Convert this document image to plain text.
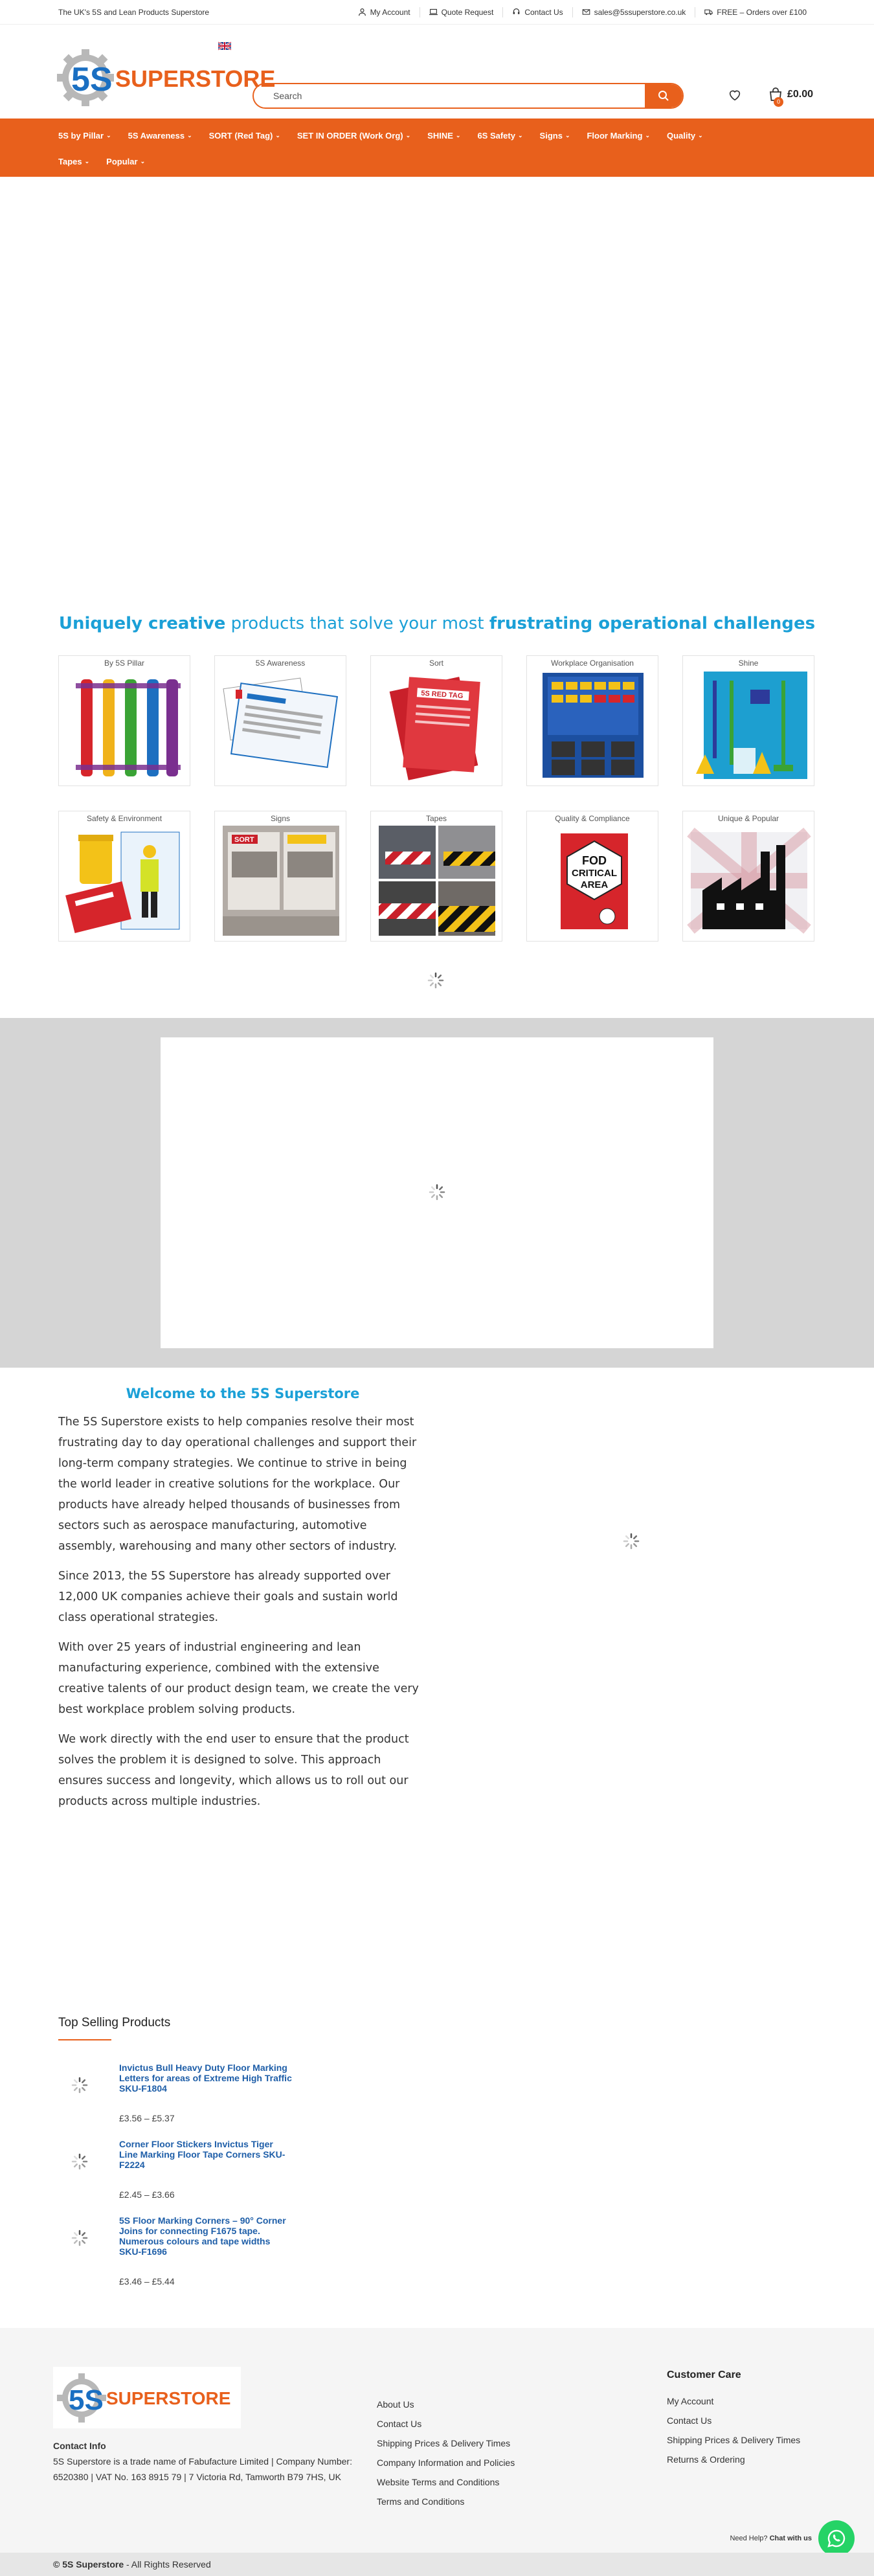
The UK's 5S and Lean Products Superstore	My Account	Quote Request	Contact Us	sales@5ssuperstore.co.uk	FREE – Orders over £100
5S SUPERSTORE
Search
0
£0.00
5S by Pillar ⌄ 5S Awareness ⌄ SORT (Red Tag) ⌄ SET IN ORDER (Work Org) ⌄ SHINE ⌄ 6S Safety ⌄ Signs ⌄ Floor Marking ⌄ Quality ⌄
Tapes ⌄ Popular ⌄
Uniquely creative products that solve your most frustrating operational challenges
By 5S Pillar	5S Awareness	Sort
5S RED TAG
Workplace Organisation	Shine
Safety & Environment	Signs
SORT
Tapes	Quality & Compliance
FOD
CRITICAL
AREA
Unique & Popular
Welcome to the 5S Superstore

The 5S Superstore exists to help companies resolve their most frustrating day to day operational challenges and support their long-term company strategies. We continue to strive in being the world leader in creative solutions for the workplace. Our products have already helped thousands of businesses from sectors such as aerospace manufacturing, automotive assembly, warehousing and many other sectors of industry.

Since 2013, the 5S Superstore has already supported over 12,000 UK companies achieve their goals and sustain world class operational strategies.

With over 25 years of industrial engineering and lean manufacturing experience, combined with the extensive creative talents of our product design team, we create the very best workplace problem solving products.

We work directly with the end user to ensure that the product solves the problem it is designed to solve. This approach ensures success and longevity, which allows us to roll out our products across multiple industries.

Top Selling Products
Invictus Bull Heavy Duty Floor Marking Letters for areas of Extreme High Traffic SKU-F1804
£3.56 – £5.37
Corner Floor Stickers Invictus Tiger Line Marking Floor Tape Corners SKU-F2224
£2.45 – £3.66
5S Floor Marking Corners – 90° Corner Joins for connecting F1675 tape. Numerous colours and tape widths SKU-F1696
£3.46 – £5.44
5S SUPERSTORE
Contact Info
5S Superstore is a trade name of Fabufacture Limited | Company Number: 6520380 | VAT No. 163 8915 79 | 7 Victoria Rd, Tamworth B79 7HS, UK
About Us
Contact Us
Shipping Prices & Delivery Times
Company Information and Policies
Website Terms and Conditions
Terms and Conditions
Customer Care
My Account
Contact Us
Shipping Prices & Delivery Times
Returns & Ordering
Need Help? Chat with us
© 5S Superstore - All Rights Reserved
